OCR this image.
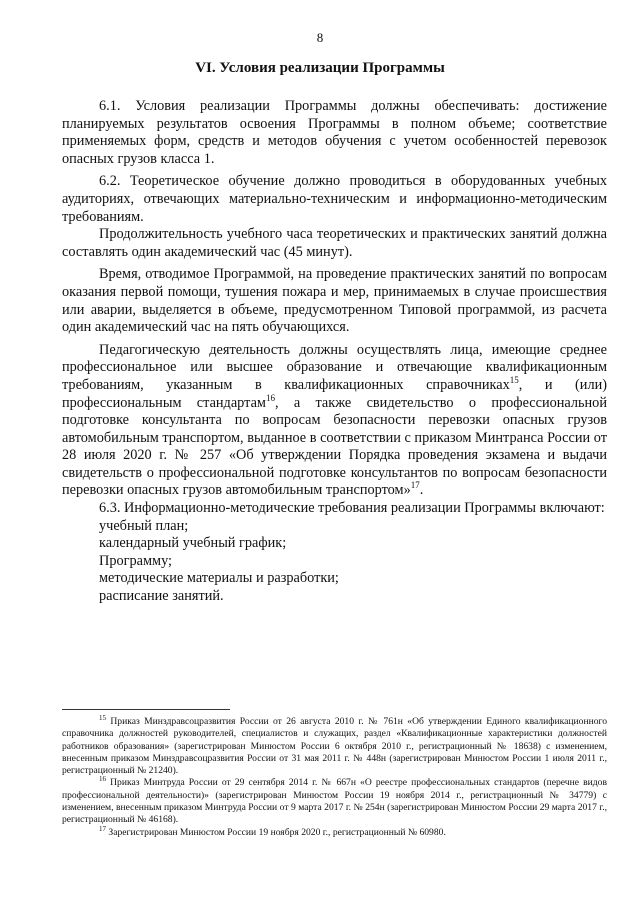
8
VI. Условия реализации Программы

6.1. Условия реализации Программы должны обеспечивать: достижение планируемых результатов освоения Программы в полном объеме; соответствие применяемых форм, средств и методов обучения с учетом особенностей перевозок опасных грузов класса 1.

6.2. Теоретическое обучение должно проводиться в оборудованных учебных аудиториях, отвечающих материально-техническим и информационно-методическим требованиям.

Продолжительность учебного часа теоретических и практических занятий должна составлять один академический час (45 минут).

Время, отводимое Программой, на проведение практических занятий по вопросам оказания первой помощи, тушения пожара и мер, принимаемых в случае происшествия или аварии, выделяется в объеме, предусмотренном Типовой программой, из расчета один академический час на пять обучающихся.

Педагогическую деятельность должны осуществлять лица, имеющие среднее профессиональное или высшее образование и отвечающие квалификационным требованиям, указанным в квалификационных справочниках$^{15}$, и (или) профессиональным стандартам$^{16}$, а также свидетельство о профессиональной подготовке консультанта по вопросам безопасности перевозки опасных грузов автомобильным транспортом, выданное в соответствии с приказом Минтранса России от 28 июля 2020 г. № 257 «Об утверждении Порядка проведения экзамена и выдачи свидетельств о профессиональной подготовке консультантов по вопросам безопасности перевозки опасных грузов автомобильным транспортом»$^{17}$.

6.3. Информационно-методические требования реализации Программы включают:

учебный план;

календарный учебный график;

Программу;

методические материалы и разработки;

расписание занятий.

$^{15}$ Приказ Минздравсоцразвития России от 26 августа 2010 г. № 761н «Об утверждении Единого квалификационного справочника должностей руководителей, специалистов и служащих, раздел «Квалификационные характеристики должностей работников образования» (зарегистрирован Минюстом России 6 октября 2010 г., регистрационный № 18638) с изменением, внесенным приказом Минздравсоцразвития России от 31 мая 2011 г. № 448н (зарегистрирован Минюстом России 1 июля 2011 г., регистрационный № 21240).

$^{16}$ Приказ Минтруда России от 29 сентября 2014 г. № 667н «О реестре профессиональных стандартов (перечне видов профессиональной деятельности)» (зарегистрирован Минюстом России 19 ноября 2014 г., регистрационный № 34779) с изменением, внесенным приказом Минтруда России от 9 марта 2017 г. № 254н (зарегистрирован Минюстом России 29 марта 2017 г., регистрационный № 46168).

$^{17}$ Зарегистрирован Минюстом России 19 ноября 2020 г., регистрационный № 60980.
